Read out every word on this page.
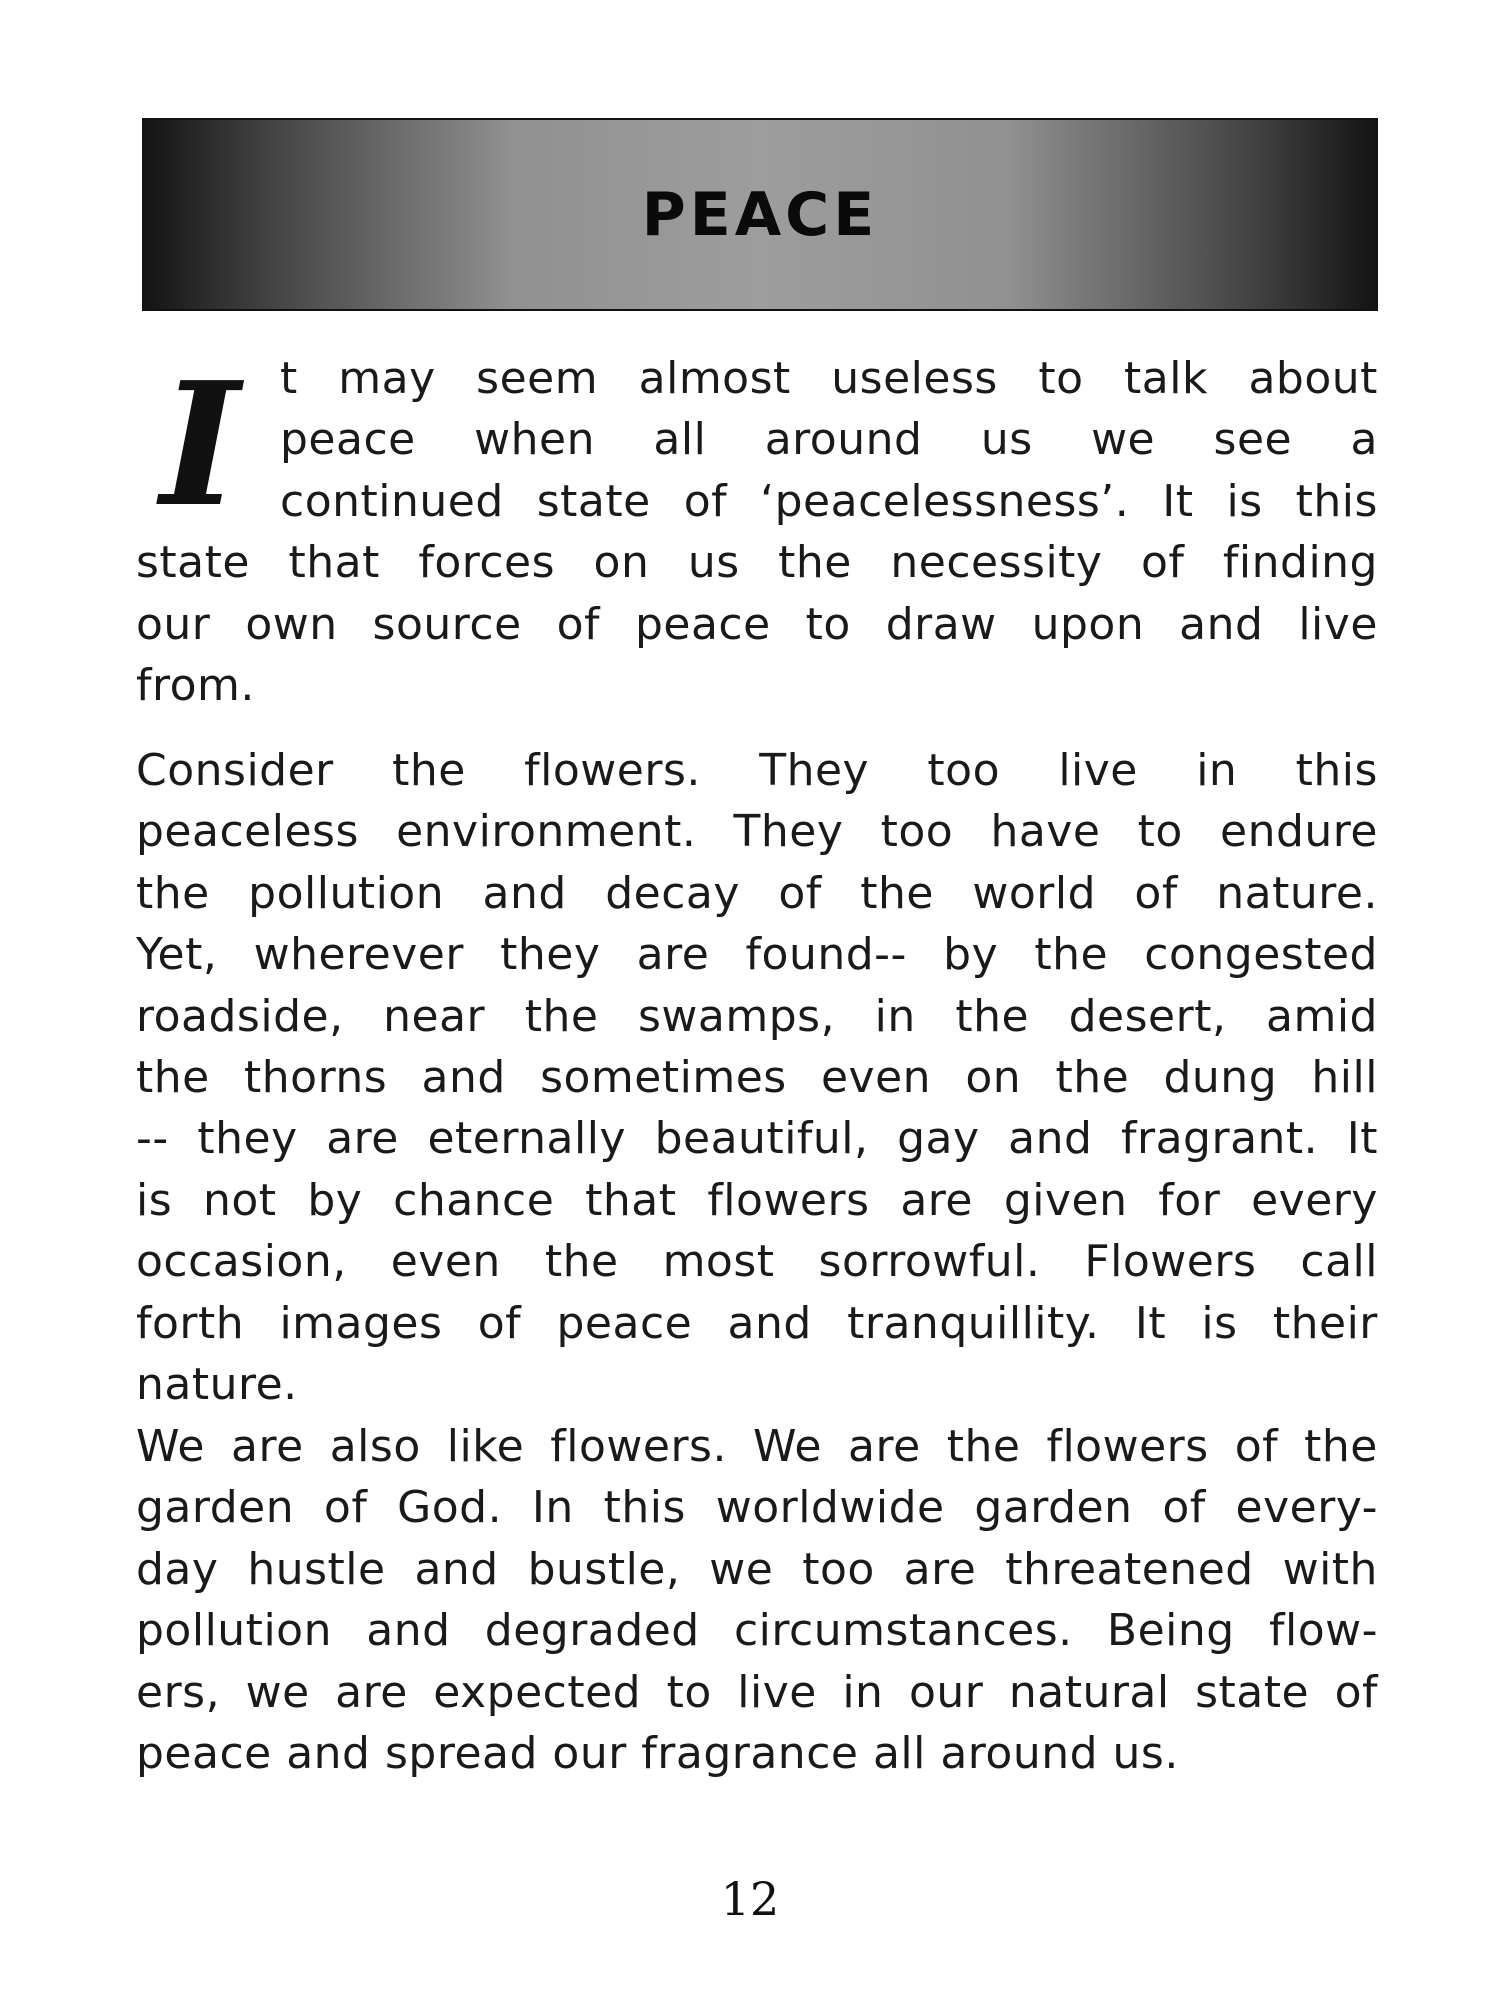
PEACE
I t may seem almost useless to talk about
peace when all around us we see a
continued state of ‘peacelessness’. It is this
state that forces on us the necessity of finding
our own source of peace to draw upon and live
from.
Consider the flowers. They too live in this
peaceless environment. They too have to endure
the pollution and decay of the world of nature.
Yet, wherever they are found-- by the congested
roadside, near the swamps, in the desert, amid
the thorns and sometimes even on the dung hill
-- they are eternally beautiful, gay and fragrant. It
is not by chance that flowers are given for every
occasion, even the most sorrowful. Flowers call
forth images of peace and tranquillity. It is their
nature.
We are also like flowers. We are the flowers of the
garden of God. In this worldwide garden of every-
day hustle and bustle, we too are threatened with
pollution and degraded circumstances. Being flow-
ers, we are expected to live in our natural state of
peace and spread our fragrance all around us.
12
